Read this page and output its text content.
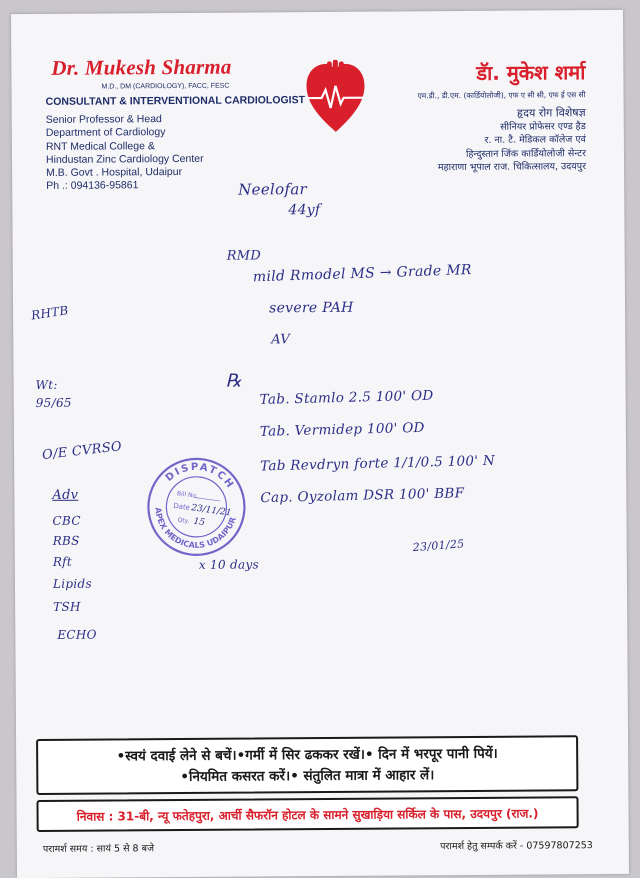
Dr. Mukesh Sharma
M.D., DM (CARDIOLOGY), FACC, FESC
CONSULTANT & INTERVENTIONAL CARDIOLOGIST
Senior Professor & Head
Department of Cardiology
RNT Medical College &
Hindustan Zinc Cardiology Center
M.B. Govt . Hospital, Udaipur
Ph .: 094136-95861
डॅा. मुकेश शर्मा
एम.डी., डी.एम. (कार्डियोलोजी), एफ ए सी सी, एफ ई एस सी
हृदय रोग विशेषज्ञ
सीनियर प्रोफेसर एण्ड हैड
र. ना. टै. मेडिकल कॉलेज एवं
हिन्दुस्तान जिंक कार्डियोलोजी सेन्टर
महाराणा भूपाल राज. चिकित्सालय, उदयपुर
Neelofar
44yf
RMD
mild Rmodel MS → Grade MR
severe PAH
AV
RHTB
Wt: 95/65
O/E CVRSO
Adv
CBC
RBS
Rft
Lipids
TSH
ECHO
℞
Tab. Stamlo 2.5 100' OD
Tab. Vermidep 100' OD
Tab Revdryn forte 1/1/0.5 100' N
Cap. Oyzolam DSR 100' BBF
x 10 days
23/01/25
DISPATCH
APEX MEDICALS UDAIPUR
Bill No.
Date 23/11/21
Qty. 15
•स्वयं दवाई लेने से बचें।•गर्मी में सिर ढककर रखें।• दिन में भरपूर पानी पियें।
•नियमित कसरत करें।• संतुलित मात्रा में आहार लें।
निवास : 31-बी, न्यू फतेहपुरा, आर्ची सैफरॉन होटल के सामने सुखाड़िया सर्किल के पास, उदयपुर (राज.)
परामर्श समय : सायं 5 से 8 बजे	परामर्श हेतु सम्पर्क करें - 07597807253
